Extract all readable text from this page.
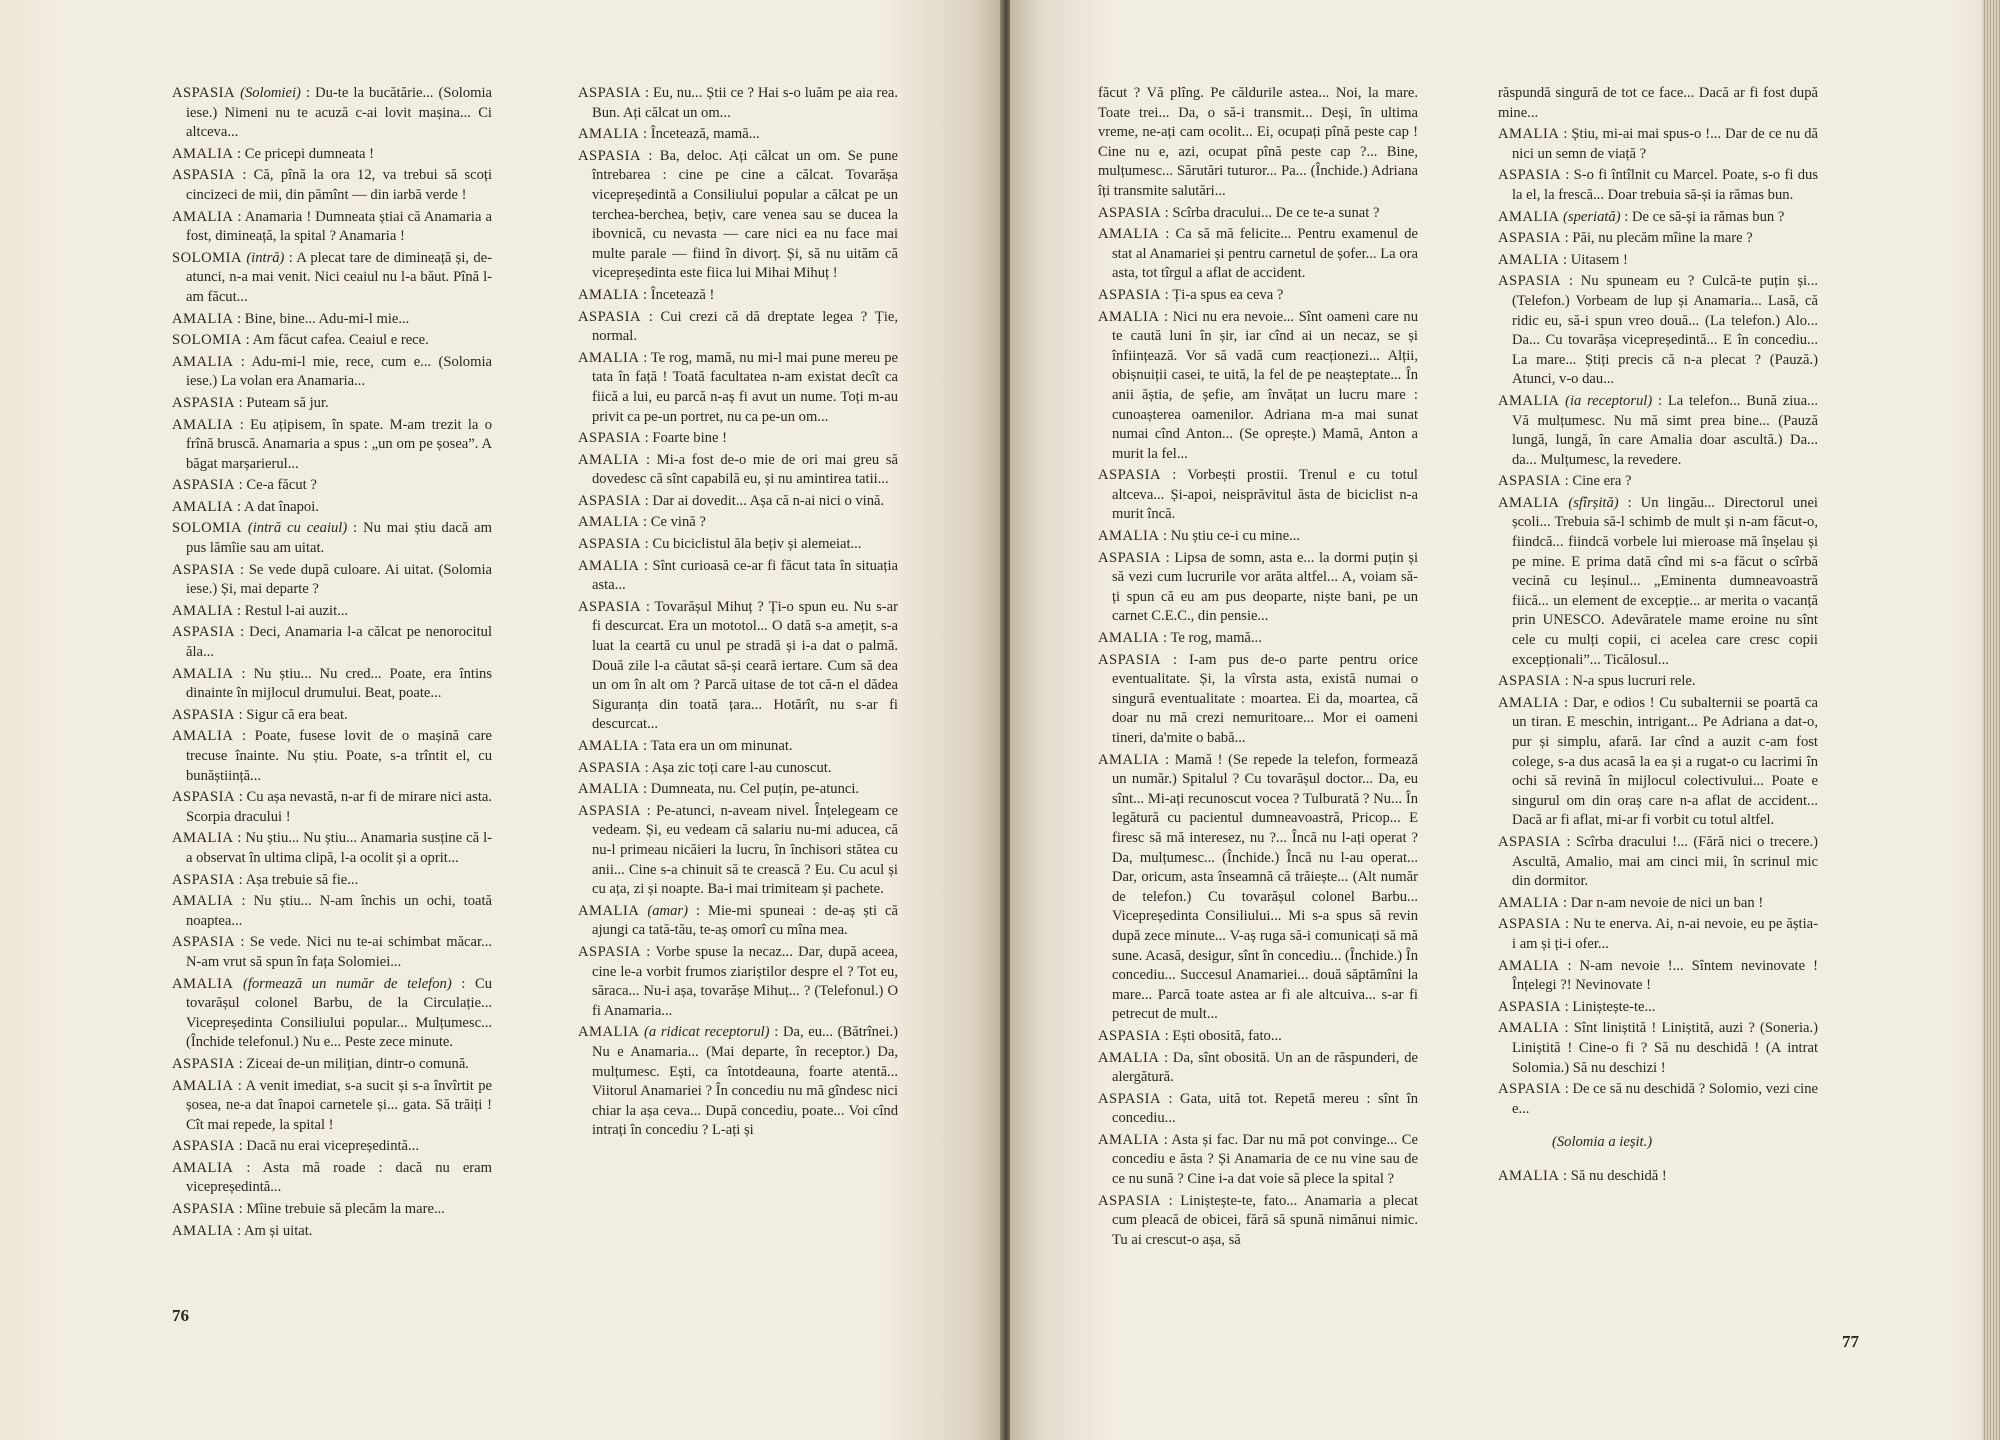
ASPASIA (Solomiei) : Du-te la bucătărie... (Solomia iese.) Nimeni nu te acuză c-ai lovit mașina... Ci altceva...

AMALIA : Ce pricepi dumneata !

ASPASIA : Că, pînă la ora 12, va trebui să scoți cincizeci de mii, din pămînt — din iarbă verde !

AMALIA : Anamaria ! Dumneata știai că Anamaria a fost, dimineață, la spital ? Anamaria !

SOLOMIA (intră) : A plecat tare de dimineață și, de-atunci, n-a mai venit. Nici ceaiul nu l-a băut. Pînă l-am făcut...

AMALIA : Bine, bine... Adu-mi-l mie...

SOLOMIA : Am făcut cafea. Ceaiul e rece.

AMALIA : Adu-mi-l mie, rece, cum e... (Solomia iese.) La volan era Anamaria...

ASPASIA : Puteam să jur.

AMALIA : Eu ațipisem, în spate. M-am trezit la o frînă bruscă. Anamaria a spus : „un om pe șosea”. A băgat marșarierul...

ASPASIA : Ce-a făcut ?

AMALIA : A dat înapoi.

SOLOMIA (intră cu ceaiul) : Nu mai știu dacă am pus lămîie sau am uitat.

ASPASIA : Se vede după culoare. Ai uitat. (Solomia iese.) Și, mai departe ?

AMALIA : Restul l-ai auzit...

ASPASIA : Deci, Anamaria l-a călcat pe nenorocitul ăla...

AMALIA : Nu știu... Nu cred... Poate, era întins dinainte în mijlocul drumului. Beat, poate...

ASPASIA : Sigur că era beat.

AMALIA : Poate, fusese lovit de o mașină care trecuse înainte. Nu știu. Poate, s-a trîntit el, cu bunăștiință...

ASPASIA : Cu așa nevastă, n-ar fi de mirare nici asta. Scorpia dracului !

AMALIA : Nu știu... Nu știu... Anamaria susține că l-a observat în ultima clipă, l-a ocolit și a oprit...

ASPASIA : Așa trebuie să fie...

AMALIA : Nu știu... N-am închis un ochi, toată noaptea...

ASPASIA : Se vede. Nici nu te-ai schimbat măcar... N-am vrut să spun în fața Solomiei...

AMALIA (formează un număr de telefon) : Cu tovarășul colonel Barbu, de la Circulație... Vicepreședinta Consiliului popular... Mulțumesc... (Închide telefonul.) Nu e... Peste zece minute.

ASPASIA : Ziceai de-un milițian, dintr-o comună.

AMALIA : A venit imediat, s-a sucit și s-a învîrtit pe șosea, ne-a dat înapoi carnetele și... gata. Să trăiți ! Cît mai repede, la spital !

ASPASIA : Dacă nu erai vicepreședintă...

AMALIA : Asta mă roade : dacă nu eram vicepreședintă...

ASPASIA : Mîine trebuie să plecăm la mare...

AMALIA : Am și uitat.

ASPASIA : Eu, nu... Știi ce ? Hai s-o luăm pe aia rea. Bun. Ați călcat un om...

AMALIA : Încetează, mamă...

ASPASIA : Ba, deloc. Ați călcat un om. Se pune întrebarea : cine pe cine a călcat. Tovarășa vicepreședintă a Consiliului popular a călcat pe un terchea-berchea, bețiv, care venea sau se ducea la ibovnică, cu nevasta — care nici ea nu face mai multe parale — fiind în divorț. Și, să nu uităm că vicepreședinta este fiica lui Mihai Mihuț !

AMALIA : Încetează !

ASPASIA : Cui crezi că dă dreptate legea ? Ție, normal.

AMALIA : Te rog, mamă, nu mi-l mai pune mereu pe tata în față ! Toată facultatea n-am existat decît ca fiică a lui, eu parcă n-aș fi avut un nume. Toți m-au privit ca pe-un portret, nu ca pe-un om...

ASPASIA : Foarte bine !

AMALIA : Mi-a fost de-o mie de ori mai greu să dovedesc că sînt capabilă eu, și nu amintirea tatii...

ASPASIA : Dar ai dovedit... Așa că n-ai nici o vină.

AMALIA : Ce vină ?

ASPASIA : Cu biciclistul ăla bețiv și alemeiat...

AMALIA : Sînt curioasă ce-ar fi făcut tata în situația asta...

ASPASIA : Tovarășul Mihuț ? Ți-o spun eu. Nu s-ar fi descurcat. Era un mototol... O dată s-a amețit, s-a luat la ceartă cu unul pe stradă și i-a dat o palmă. Două zile l-a căutat să-și ceară iertare. Cum să dea un om în alt om ? Parcă uitase de tot că-n el dădea Siguranța din toată țara... Hotărît, nu s-ar fi descurcat...

AMALIA : Tata era un om minunat.

ASPASIA : Așa zic toți care l-au cunoscut.

AMALIA : Dumneata, nu. Cel puțin, pe-atunci.

ASPASIA : Pe-atunci, n-aveam nivel. Înțelegeam ce vedeam. Și, eu vedeam că salariu nu-mi aducea, că nu-l primeau nicăieri la lucru, în închisori stătea cu anii... Cine s-a chinuit să te crească ? Eu. Cu acul și cu ața, zi și noapte. Ba-i mai trimiteam și pachete.

AMALIA (amar) : Mie-mi spuneai : de-aș ști că ajungi ca tată-tău, te-aș omorî cu mîna mea.

ASPASIA : Vorbe spuse la necaz... Dar, după aceea, cine le-a vorbit frumos ziariștilor despre el ? Tot eu, săraca... Nu-i așa, tovarășe Mihuț... ? (Telefonul.) O fi Anamaria...

AMALIA (a ridicat receptorul) : Da, eu... (Bătrînei.) Nu e Anamaria... (Mai departe, în receptor.) Da, mulțumesc. Ești, ca întotdeauna, foarte atentă... Viitorul Anamariei ? În concediu nu mă gîndesc nici chiar la așa ceva... După concediu, poate... Voi cînd intrați în concediu ? L-ați și

76

făcut ? Vă plîng. Pe căldurile astea... Noi, la mare. Toate trei... Da, o să-i transmit... Deși, în ultima vreme, ne-ați cam ocolit... Ei, ocupați pînă peste cap ! Cine nu e, azi, ocupat pînă peste cap ?... Bine, mulțumesc... Sărutări tuturor... Pa... (Închide.) Adriana îți transmite salutări...

ASPASIA : Scîrba dracului... De ce te-a sunat ?

AMALIA : Ca să mă felicite... Pentru examenul de stat al Anamariei și pentru carnetul de șofer... La ora asta, tot tîrgul a aflat de accident.

ASPASIA : Ți-a spus ea ceva ?

AMALIA : Nici nu era nevoie... Sînt oameni care nu te caută luni în șir, iar cînd ai un necaz, se și înființează. Vor să vadă cum reacționezi... Alții, obișnuiții casei, te uită, la fel de pe neașteptate... În anii ăștia, de șefie, am învățat un lucru mare : cunoașterea oamenilor. Adriana m-a mai sunat numai cînd Anton... (Se oprește.) Mamă, Anton a murit la fel...

ASPASIA : Vorbești prostii. Trenul e cu totul altceva... Și-apoi, neisprăvitul ăsta de biciclist n-a murit încă.

AMALIA : Nu știu ce-i cu mine...

ASPASIA : Lipsa de somn, asta e... la dormi puțin și să vezi cum lucrurile vor arăta altfel... A, voiam să-ți spun că eu am pus deoparte, niște bani, pe un carnet C.E.C., din pensie...

AMALIA : Te rog, mamă...

ASPASIA : I-am pus de-o parte pentru orice eventualitate. Și, la vîrsta asta, există numai o singură eventualitate : moartea. Ei da, moartea, că doar nu mă crezi nemuritoare... Mor ei oameni tineri, da'mite o babă...

AMALIA : Mamă ! (Se repede la telefon, formează un număr.) Spitalul ? Cu tovarășul doctor... Da, eu sînt... Mi-ați recunoscut vocea ? Tulburată ? Nu... În legătură cu pacientul dumneavoastră, Pricop... E firesc să mă interesez, nu ?... Încă nu l-ați operat ? Da, mulțumesc... (Închide.) Încă nu l-au operat... Dar, oricum, asta înseamnă că trăiește... (Alt număr de telefon.) Cu tovarășul colonel Barbu... Vicepreședinta Consiliului... Mi s-a spus să revin după zece minute... V-aș ruga să-i comunicați să mă sune. Acasă, desigur, sînt în concediu... (Închide.) În concediu... Succesul Anamariei... două săptămîni la mare... Parcă toate astea ar fi ale altcuiva... s-ar fi petrecut de mult...

ASPASIA : Ești obosită, fato...

AMALIA : Da, sînt obosită. Un an de răspunderi, de alergătură.

ASPASIA : Gata, uită tot. Repetă mereu : sînt în concediu...

AMALIA : Asta și fac. Dar nu mă pot convinge... Ce concediu e ăsta ? Și Anamaria de ce nu vine sau de ce nu sună ? Cine i-a dat voie să plece la spital ?

ASPASIA : Liniștește-te, fato... Anamaria a plecat cum pleacă de obicei, fără să spună nimănui nimic. Tu ai crescut-o așa, să

răspundă singură de tot ce face... Dacă ar fi fost după mine...

AMALIA : Știu, mi-ai mai spus-o !... Dar de ce nu dă nici un semn de viață ?

ASPASIA : S-o fi întîlnit cu Marcel. Poate, s-o fi dus la el, la frescă... Doar trebuia să-și ia rămas bun.

AMALIA (speriată) : De ce să-și ia rămas bun ?

ASPASIA : Păi, nu plecăm mîine la mare ?

AMALIA : Uitasem !

ASPASIA : Nu spuneam eu ? Culcă-te puțin și... (Telefon.) Vorbeam de lup și Anamaria... Lasă, că ridic eu, să-i spun vreo două... (La telefon.) Alo... Da... Cu tovarășa vicepreședintă... E în concediu... La mare... Știți precis că n-a plecat ? (Pauză.) Atunci, v-o dau...

AMALIA (ia receptorul) : La telefon... Bună ziua... Vă mulțumesc. Nu mă simt prea bine... (Pauză lungă, lungă, în care Amalia doar ascultă.) Da... da... Mulțumesc, la revedere.

ASPASIA : Cine era ?

AMALIA (sfîrșită) : Un lingău... Directorul unei școli... Trebuia să-l schimb de mult și n-am făcut-o, fiindcă... fiindcă vorbele lui mieroase mă înșelau și pe mine. E prima dată cînd mi s-a făcut o scîrbă vecină cu leșinul... „Eminenta dumneavoastră fiică... un element de excepție... ar merita o vacanță prin UNESCO. Adevăratele mame eroine nu sînt cele cu mulți copii, ci acelea care cresc copii excepționali”... Ticălosul...

ASPASIA : N-a spus lucruri rele.

AMALIA : Dar, e odios ! Cu subalternii se poartă ca un tiran. E meschin, intrigant... Pe Adriana a dat-o, pur și simplu, afară. Iar cînd a auzit c-am fost colege, s-a dus acasă la ea și a rugat-o cu lacrimi în ochi să revină în mijlocul colectivului... Poate e singurul om din oraș care n-a aflat de accident... Dacă ar fi aflat, mi-ar fi vorbit cu totul altfel.

ASPASIA : Scîrba dracului !... (Fără nici o trecere.) Ascultă, Amalio, mai am cinci mii, în scrinul mic din dormitor.

AMALIA : Dar n-am nevoie de nici un ban !

ASPASIA : Nu te enerva. Ai, n-ai nevoie, eu pe ăștia-i am și ți-i ofer...

AMALIA : N-am nevoie !... Sîntem nevinovate ! Înțelegi ?! Nevinovate !

ASPASIA : Liniștește-te...

AMALIA : Sînt liniștită ! Liniștită, auzi ? (Soneria.) Liniștită ! Cine-o fi ? Să nu deschidă ! (A intrat Solomia.) Să nu deschizi !

ASPASIA : De ce să nu deschidă ? Solomio, vezi cine e...

(Solomia a ieșit.)

AMALIA : Să nu deschidă !

77
